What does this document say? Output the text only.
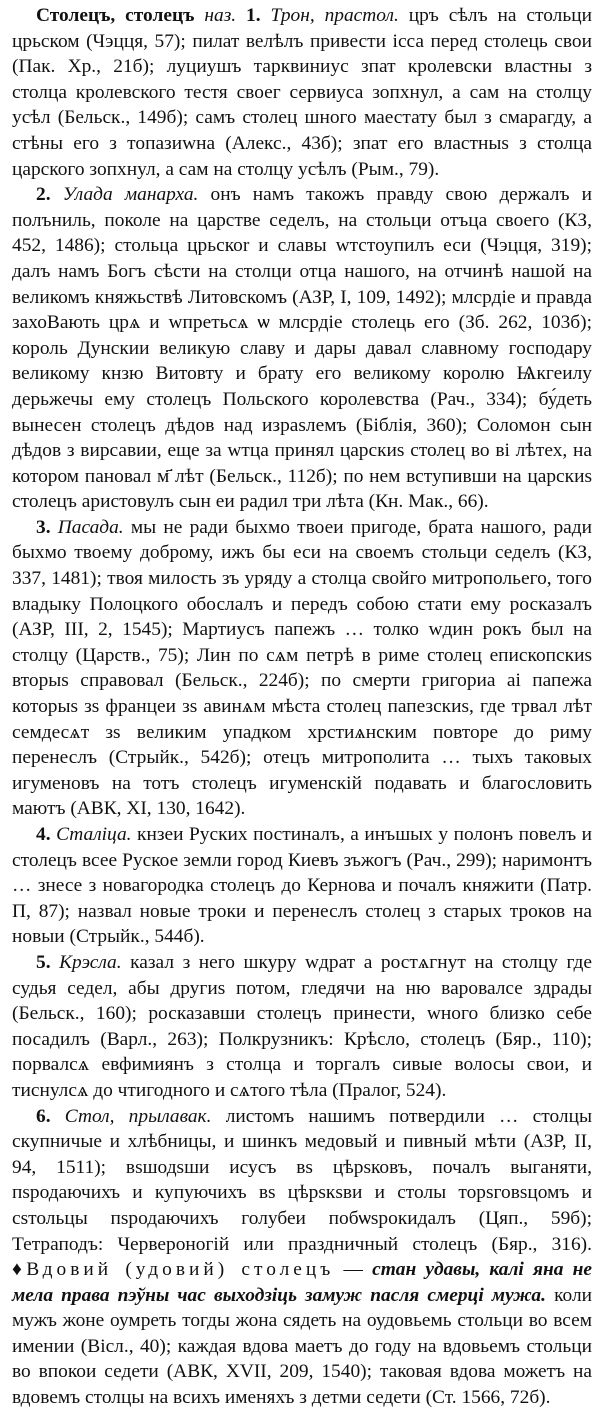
Столецъ, столецъ наз. 1. Трон, прастол. цръ сѣлъ на стольци црьском (Чэцця, 57); пилат велѣлъ привести ісса перед столець свои (Пак. Хр., 21б); луциушъ тарквиниуc зпат кролевски властны з столца кролевского тестя своег сервиуса зопхнул, а сам на столцу усѣл (Бельск., 149б); самъ столец шного маестату был з смарагду, а стѣны его з топазиwна (Алекс., 43б); зпат его властныs з столца царского зопхнул, а сам на столцу усѣлъ (Рым., 79).

2. Улада манарха. онъ намъ такожъ правду свою держалъ и полъниль, поколе на царстве седелъ, на стольци отъца своего (КЗ, 452, 1486); стольца црьскоr и славы wтстоупилъ еси (Чэцця, 319); далъ намъ Богъ сѣсти на столци отца нашого, на отчинѣ нашой на великомъ княжьствѣ Литовскомъ (АЗР, I, 109, 1492); млсрдіе и правда захоВають црѧ и wпретьсѧ ѡ млсрдіе столець его (Зб. 262, 103б); король Дунскии великую славу и дары давал славному господару великому кнзю Витовту и брату его великому королю Ѩкгеилу дерьжечы ему столецъ Польского королевства (Рач., 334); бу́деть вынесен столецъ дѣдов над израsлемъ (Біблія, 360); Соломон сын дѣдов з вирсавии, еще за wтца принял царскиs столец во ві лѣтех, на котором пановал м҃ лѣт (Бельск., 112б); по нем вступивши на царскиs столецъ аристовулъ сын еи радил три лѣта (Кн. Мак., 66).

3. Пасада. мы не ради быхмо твоеи пригоде, брата нашого, ради быхмо твоему доброму, ижъ бы еси на своемъ стольци седелъ (КЗ, 337, 1481); твоя милость зъ уряду а столца свойго митропольего, того владыку Полоцкого обослалъ и передъ собою стати ему росказалъ (АЗР, III, 2, 1545); Мартиусъ папежъ … толко wдин рокъ был на столцу (Царств., 75); Лин по сѧм петрѣ в риме столец епископскиs вторыs справовал (Бельск., 224б); по смерти григориа аі папежа которыs зs францеи зs авинѧм мѣста столец папезскиs, где трвал лѣт семдесѧт зs великим упадком хрстиѧнским повторе до риму перенеслъ (Стрыйк., 542б); отецъ митрополита … тыхъ таковых игуменовъ на тотъ столецъ игуменскій подавать и благословить маютъ (АВК, XI, 130, 1642).

4. Сталіца. кнзеи Руских постиналъ, а инъшых у полонъ повелъ и столецъ всее Руское земли город Киевъ зъжогъ (Рач., 299); наримонтъ … знесе з новагородка столецъ до Кернова и почалъ княжити (Патр. П, 87); назвал новые троки и перенеслъ столец з старых троков на новыи (Стрыйк., 544б).

5. Крэсла. казал з него шкуру wдрат а ростѧгнут на столцу где судья седел, абы другиs потом, гледячи на ню варовалсе здрады (Бельск., 160); росказавши столецъ принести, wного близко себе посадилъ (Варл., 263); Полкрузникъ: Крѣсло, столецъ (Бяр., 110); порвалсѧ евфимиянъ з столца и торгалъ сивые волосы свои, и тиснулсѧ до чтигодного и сѧтого тѣла (Пралог, 524).

6. Стол, прылавак. листомъ нашимъ потвердили … столцы скупничые и хлѣбницы, и шинкъ медовый и пивный мѣти (АЗР, II, 94, 1511); вsшодsши исусъ вs цѣрsковъ, почалъ выганяти, пsродаючихъ и купуючихъ вs цѣрsкsви и столы торsговsцомъ и сsтольцы пsродаючихъ голубеи побѡsрокидалъ (Цяп., 59б); Тетраподъ: Черверонoгій или праздничный столецъ (Бяр., 316). ♦Вдовий (удовий) столецъ — стан удавы, калі яна не мела права пэўны час выходзіць замуж пасля смерці мужа. коли мужъ жоне оумреть тогды жона сядеть на оудовьемь стольци во всем имении (Вісл., 40); каждая вдова маетъ до году на вдовьемъ стольци во впокои седети (АВК, XVII, 209, 1540); таковая вдова можетъ на вдовемъ столцы на всихъ именяхъ з детми седети (Ст. 1566, 72б).
